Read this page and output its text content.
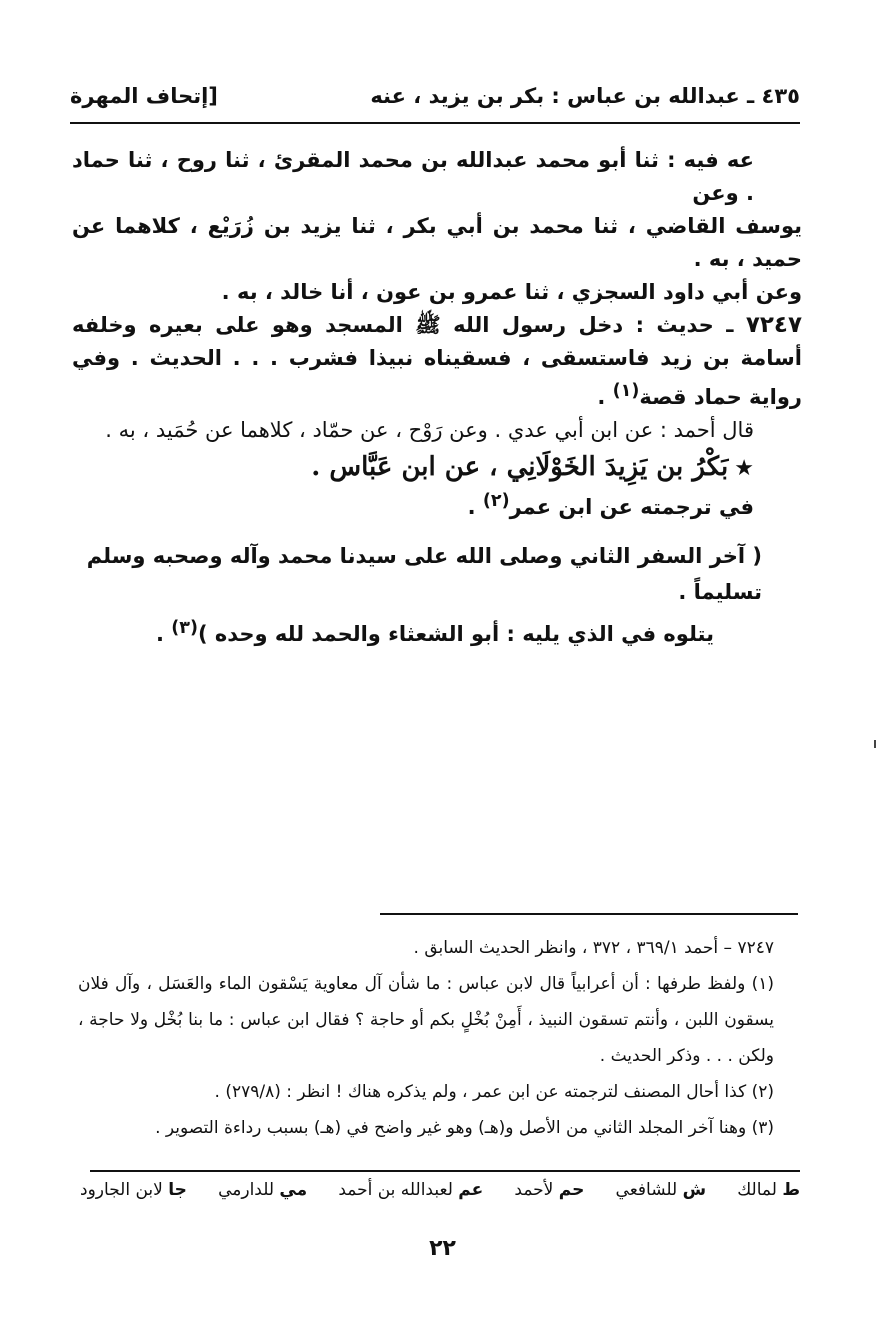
٤٣٥ ـ عبدالله بن عباس : بكر بن يزيد ، عنه
[إتحاف المهرة

عه فيه : ثنا أبو محمد عبدالله بن محمد المقرئ ، ثنا روح ، ثنا حماد . وعن

يوسف القاضي ، ثنا محمد بن أبي بكر ، ثنا يزيد بن زُرَيْع ، كلاهما عن حميد ، به .

وعن أبي داود السجزي ، ثنا عمرو بن عون ، أنا خالد ، به .

٧٢٤٧ ـ حديث : دخل رسول الله ﷺ المسجد وهو على بعيره وخلفه أسامة بن زيد فاستسقى ، فسقيناه نبيذا فشرب . . . الحديث . وفي رواية حماد قصة$^{(١)}$ .

قال أحمد : عن ابن أبي عدي . وعن رَوْح ، عن حمّاد ، كلاهما عن حُمَيد ، به .

★بَكْرُ بن يَزِيدَ الخَوْلَانِي ، عن ابن عَبَّاس .

في ترجمته عن ابن عمر$^{(٢)}$ .

( آخر السفر الثاني وصلى الله على سيدنا محمد وآله وصحبه وسلم تسليماً .

يتلوه في الذي يليه : أبو الشعثاء والحمد لله وحده )$^{(٣)}$ .

٧٢٤٧ – أحمد ٣٦٩/١ ، ٣٧٢ ، وانظر الحديث السابق .

(١) ولفظ طرفها : أن أعرابياً قال لابن عباس : ما شأن آل معاوية يَسْقون الماء والعَسَل ، وآل فلان يسقون اللبن ، وأنتم تسقون النبيذ ، أَمِنْ بُخْلٍ بكم أو حاجة ؟ فقال ابن عباس : ما بنا بُخْل ولا حاجة ، ولكن . . . وذكر الحديث .

(٢) كذا أحال المصنف لترجمته عن ابن عمر ، ولم يذكره هناك ! انظر : (٢٧٩/٨) .

(٣) وهنا آخر المجلد الثاني من الأصل و(هـ) وهو غير واضح في (هـ) بسبب رداءة التصوير .

ط لمالك
ش للشافعي
حم لأحمد
عم لعبدالله بن أحمد
مي للدارمي
جا لابن الجارود
٢٢
